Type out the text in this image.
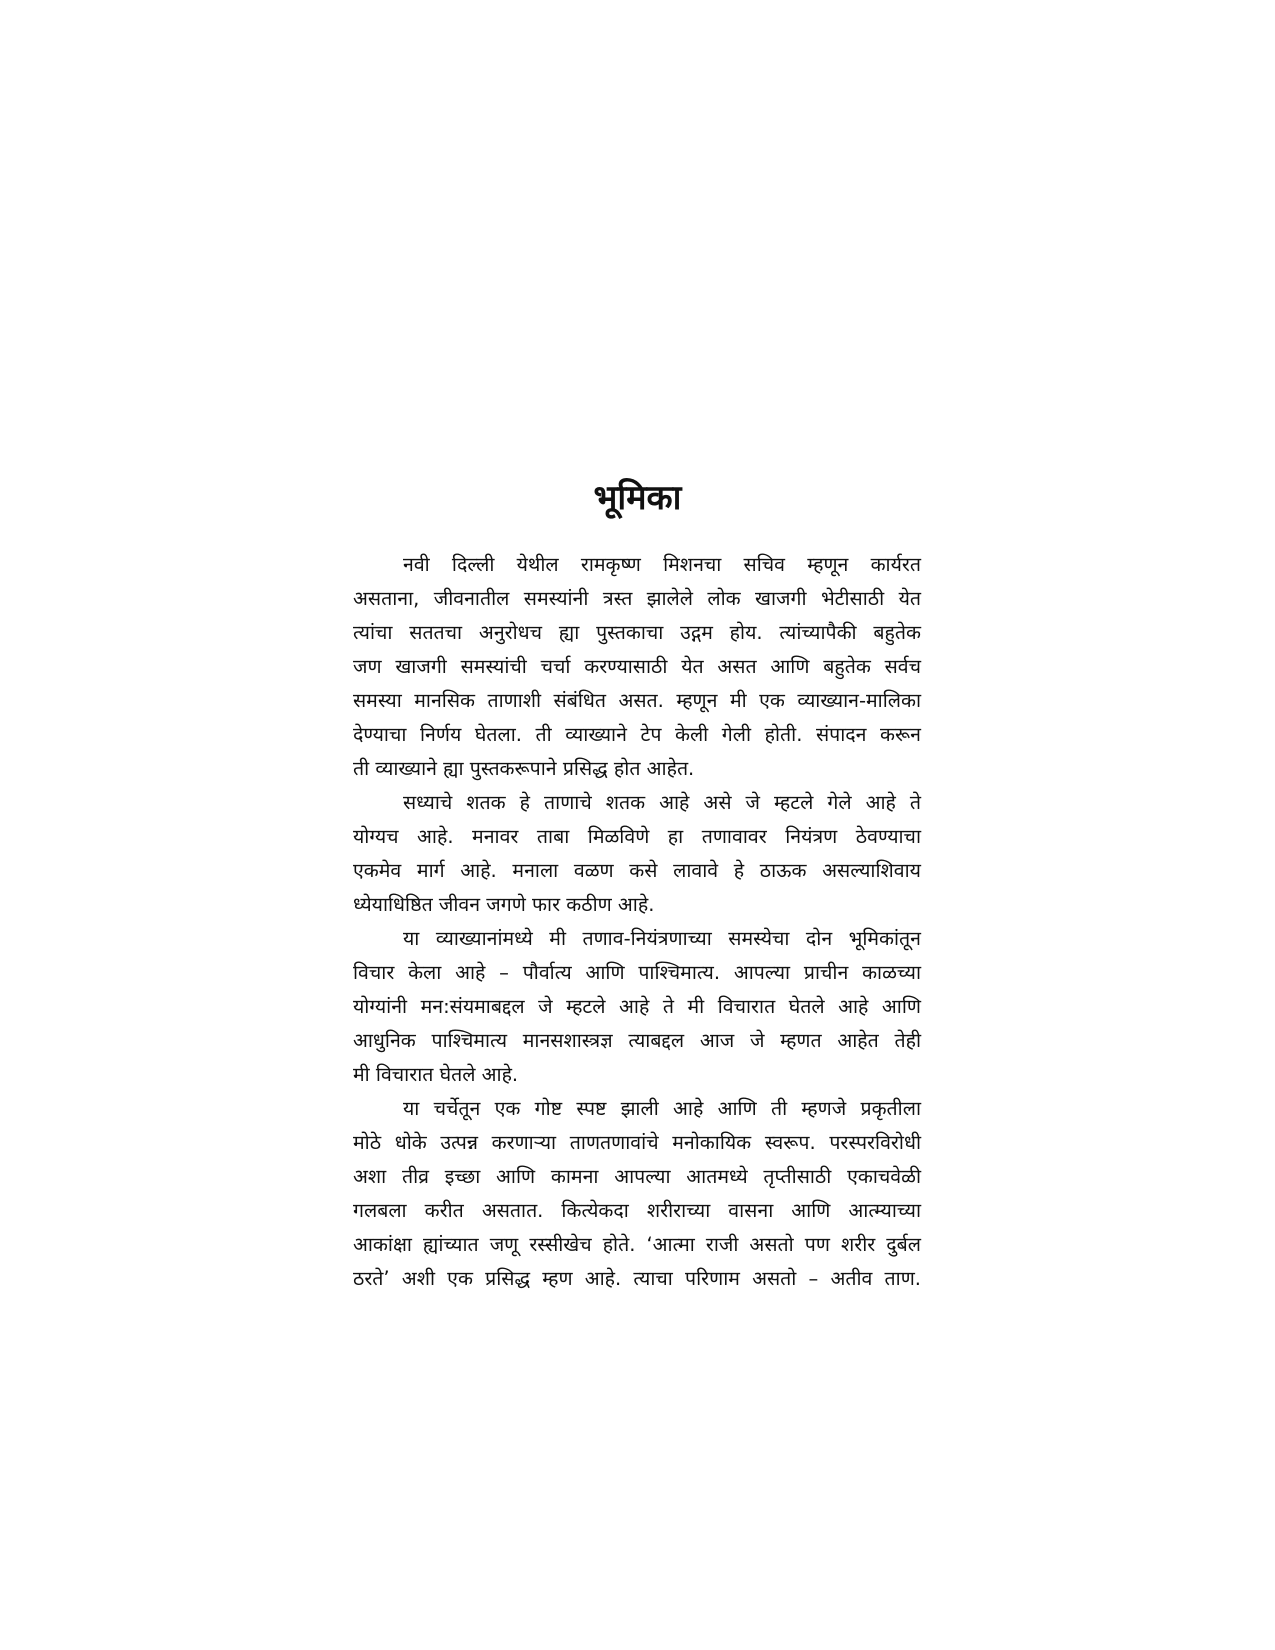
भूमिका

नवी दिल्ली येथील रामकृष्ण मिशनचा सचिव म्हणून कार्यरत
असताना, जीवनातील समस्यांनी त्रस्त झालेले लोक खाजगी भेटीसाठी येत
त्यांचा सततचा अनुरोधच ह्या पुस्तकाचा उद्गम होय. त्यांच्यापैकी बहुतेक
जण खाजगी समस्यांची चर्चा करण्यासाठी येत असत आणि बहुतेक सर्वच
समस्या मानसिक ताणाशी संबंधित असत. म्हणून मी एक व्याख्यान-मालिका
देण्याचा निर्णय घेतला. ती व्याख्याने टेप केली गेली होती. संपादन करून
ती व्याख्याने ह्या पुस्तकरूपाने प्रसिद्ध होत आहेत.

सध्याचे शतक हे ताणाचे शतक आहे असे जे म्हटले गेले आहे ते
योग्यच आहे. मनावर ताबा मिळविणे हा तणावावर नियंत्रण ठेवण्याचा
एकमेव मार्ग आहे. मनाला वळण कसे लावावे हे ठाऊक असल्याशिवाय
ध्येयाधिष्ठित जीवन जगणे फार कठीण आहे.

या व्याख्यानांमध्ये मी तणाव-नियंत्रणाच्या समस्येचा दोन भूमिकांतून
विचार केला आहे – पौर्वात्य आणि पाश्चिमात्य. आपल्या प्राचीन काळच्या
योग्यांनी मन:संयमाबद्दल जे म्हटले आहे ते मी विचारात घेतले आहे आणि
आधुनिक पाश्चिमात्य मानसशास्त्रज्ञ त्याबद्दल आज जे म्हणत आहेत तेही
मी विचारात घेतले आहे.

या चर्चेतून एक गोष्ट स्पष्ट झाली आहे आणि ती म्हणजे प्रकृतीला
मोठे धोके उत्पन्न करणाऱ्या ताणतणावांचे मनोकायिक स्वरूप. परस्परविरोधी
अशा तीव्र इच्छा आणि कामना आपल्या आतमध्ये तृप्तीसाठी एकाचवेळी
गलबला करीत असतात. कित्येकदा शरीराच्या वासना आणि आत्म्याच्या
आकांक्षा ह्यांच्यात जणू रस्सीखेच होते. ‘आत्मा राजी असतो पण शरीर दुर्बल
ठरते’ अशी एक प्रसिद्ध म्हण आहे. त्याचा परिणाम असतो – अतीव ताण.
